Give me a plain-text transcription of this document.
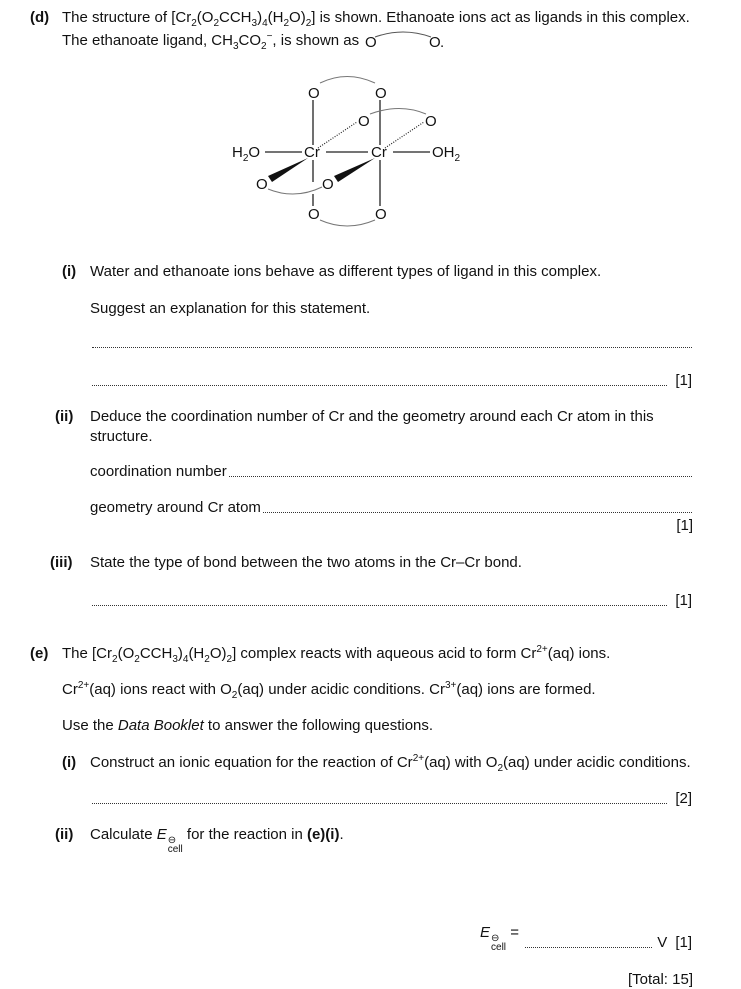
(d) The structure of $[Cr_2(O_2CCH_3)_4(H_2O)_2]$ is shown. Ethanoate ions act as ligands in this complex.
The ethanoate ligand, $CH_3CO_2^-$, is shown as O	O .
O	O
O	O
$H_2O$	Cr	Cr	$OH_2$
O	O
O	O
(i) Water and ethanoate ions behave as different types of ligand in this complex.
Suggest an explanation for this statement.
[1]
(ii) Deduce the coordination number of Cr and the geometry around each Cr atom in this
structure.
coordination number
geometry around Cr atom
[1]
(iii) State the type of bond between the two atoms in the Cr–Cr bond.
[1]
(e) The $[Cr_2(O_2CCH_3)_4(H_2O)_2]$ complex reacts with aqueous acid to form $Cr^{2+}(aq)$ ions.
$Cr^{2+}(aq)$ ions react with $O_2(aq)$ under acidic conditions. $Cr^{3+}(aq)$ ions are formed.
Use the Data Booklet to answer the following questions.
(i) Construct an ionic equation for the reaction of $Cr^{2+}(aq)$ with $O_2(aq)$ under acidic conditions.
[2]
(ii) Calculate E ⊖
cell
for the reaction in (e)(i).
E ⊖
cell
=
V [1]
[Total: 15]
